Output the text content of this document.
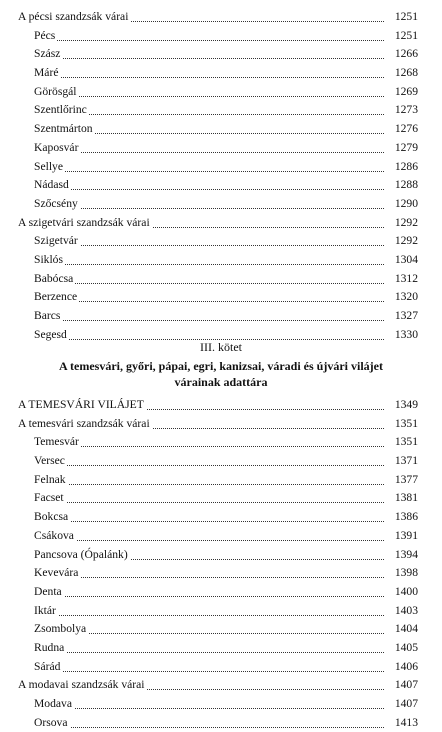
A pécsi szandzsák várai	1251
Pécs	1251
Szász	1266
Máré	1268
Görösgál	1269
Szentlőrinc	1273
Szentmárton	1276
Kaposvár	1279
Sellye	1286
Nádasd	1288
Szőcsény	1290
A szigetvári szandzsák várai	1292
Szigetvár	1292
Siklós	1304
Babócsa	1312
Berzence	1320
Barcs	1327
Segesd	1330
III. kötet
A temesvári, győri, pápai, egri, kanizsai, váradi és újvári vilájet várainak adattára
A TEMESVÁRI VILÁJET	1349
A temesvári szandzsák várai	1351
Temesvár	1351
Versec	1371
Felnak	1377
Facset	1381
Bokcsa	1386
Csákova	1391
Pancsova (Ópalánk)	1394
Kevevára	1398
Denta	1400
Iktár	1403
Zsombolya	1404
Rudna	1405
Sárád	1406
A modavai szandzsák várai	1407
Modava	1407
Orsova	1413
